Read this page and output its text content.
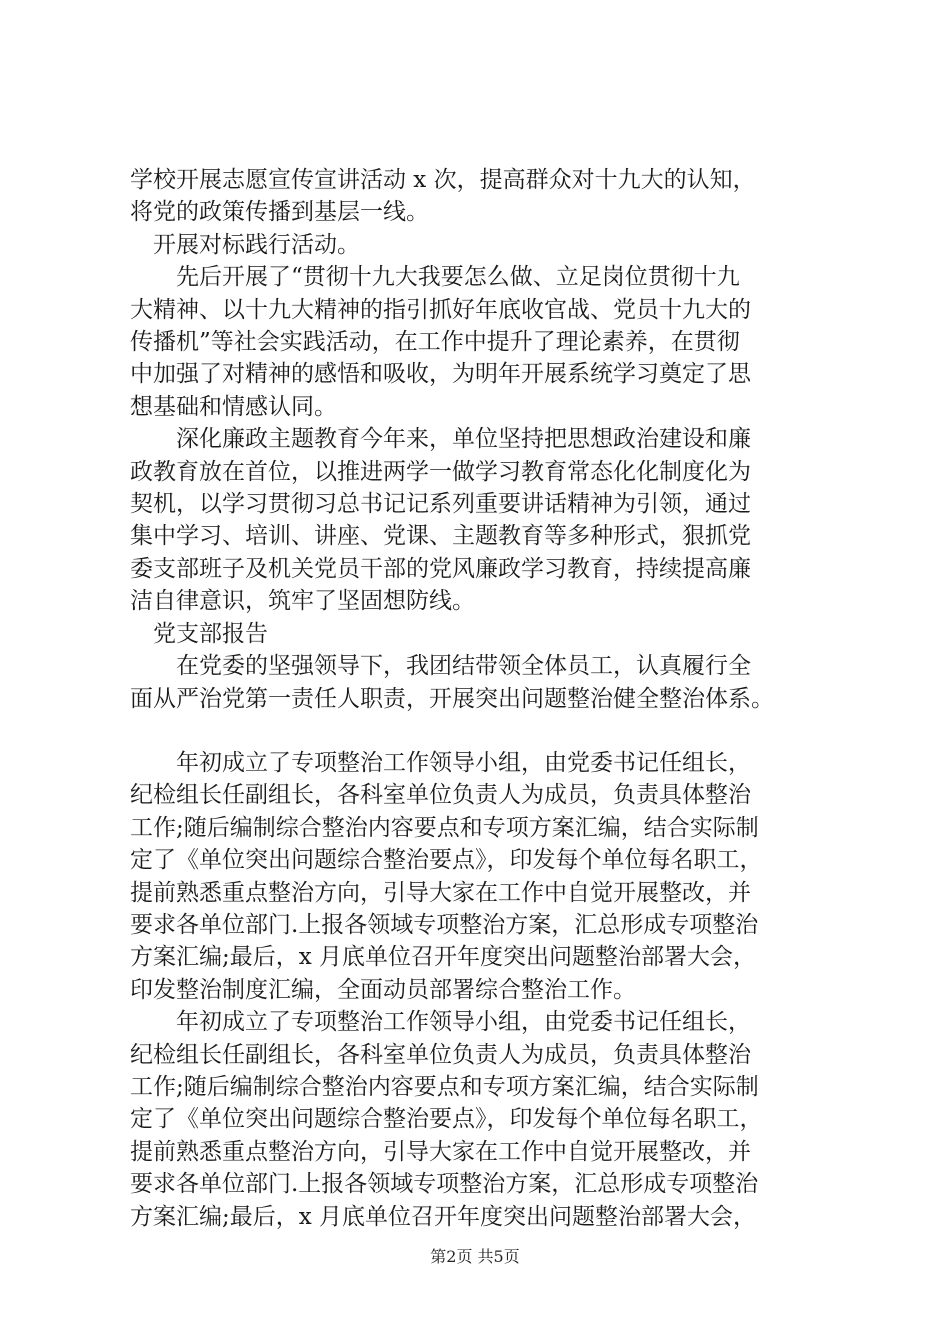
学校开展志愿宣传宣讲活动 x 次，提高群众对十九大的认知，
将党的政策传播到基层一线。

　开展对标践行活动。

　　先后开展了“贯彻十九大我要怎么做、立足岗位贯彻十九
大精神、以十九大精神的指引抓好年底收官战、党员十九大的
传播机”等社会实践活动，在工作中提升了理论素养，在贯彻
中加强了对精神的感悟和吸收，为明年开展系统学习奠定了思
想基础和情感认同。

　　深化廉政主题教育今年来，单位坚持把思想政治建设和廉
政教育放在首位，以推进两学一做学习教育常态化化制度化为
契机，以学习贯彻习总书记记系列重要讲话精神为引领，通过
集中学习、培训、讲座、党课、主题教育等多种形式，狠抓党
委支部班子及机关党员干部的党风廉政学习教育，持续提高廉
洁自律意识，筑牢了坚固想防线。

　党支部报告

　　在党委的坚强领导下，我团结带领全体员工，认真履行全
面从严治党第一责任人职责，开展突出问题整治健全整治体系。

　　年初成立了专项整治工作领导小组，由党委书记任组长，
纪检组长任副组长，各科室单位负责人为成员，负责具体整治
工作;随后编制综合整治内容要点和专项方案汇编，结合实际制
定了《单位突出问题综合整治要点》，印发每个单位每名职工，
提前熟悉重点整治方向，引导大家在工作中自觉开展整改，并
要求各单位部门.上报各领域专项整治方案，汇总形成专项整治
方案汇编;最后，x 月底单位召开年度突出问题整治部署大会，
印发整治制度汇编，全面动员部署综合整治工作。

　　年初成立了专项整治工作领导小组，由党委书记任组长，
纪检组长任副组长，各科室单位负责人为成员，负责具体整治
工作;随后编制综合整治内容要点和专项方案汇编，结合实际制
定了《单位突出问题综合整治要点》，印发每个单位每名职工，
提前熟悉重点整治方向，引导大家在工作中自觉开展整改，并
要求各单位部门.上报各领域专项整治方案，汇总形成专项整治
方案汇编;最后，x 月底单位召开年度突出问题整治部署大会，

第2页 共5页
